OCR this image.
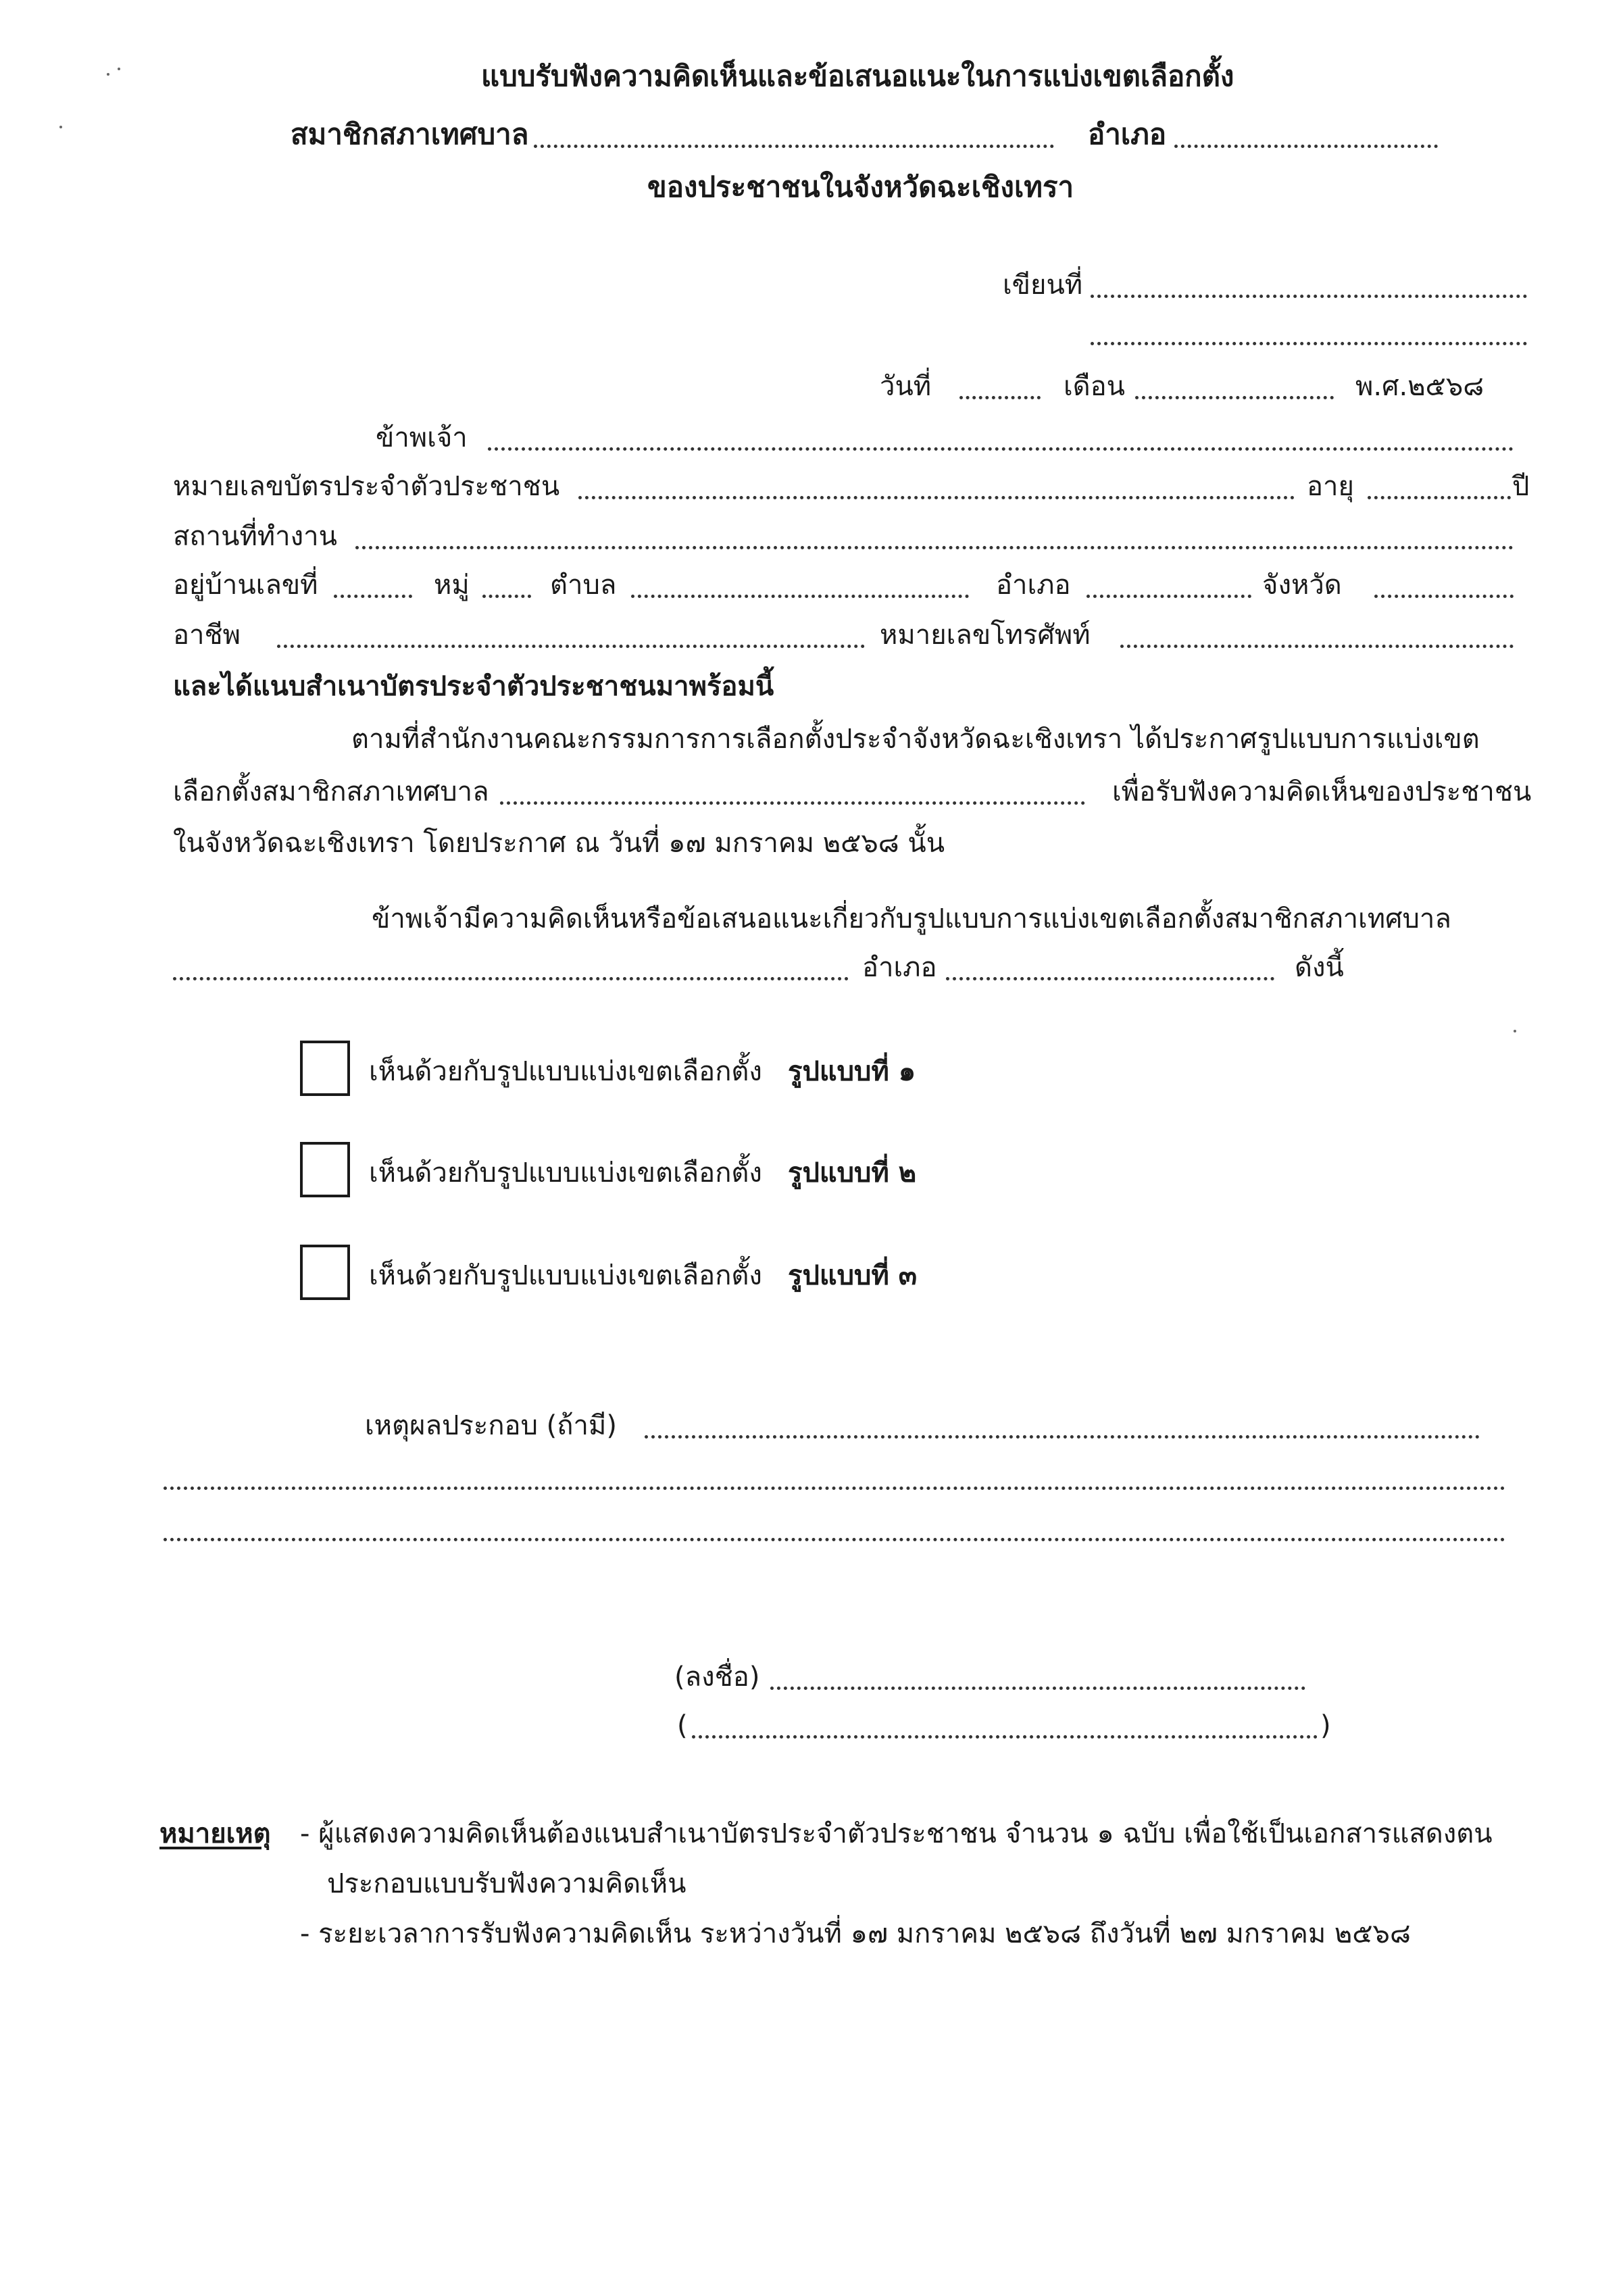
แบบรับฟังความคิดเห็นและข้อเสนอแนะในการแบ่งเขตเลือกตั้ง
สมาชิกสภาเทศบาล	อำเภอ
ของประชาชนในจังหวัดฉะเชิงเทรา
เขียนที่
วันที่	เดือน	พ.ศ.๒๕๖๘
ข้าพเจ้า
หมายเลขบัตรประจำตัวประชาชน	อายุ	ปี
สถานที่ทำงาน
อยู่บ้านเลขที่	หมู่	ตำบล	อำเภอ	จังหวัด
อาชีพ	หมายเลขโทรศัพท์
และได้แนบสำเนาบัตรประจำตัวประชาชนมาพร้อมนี้
ตามที่สำนักงานคณะกรรมการการเลือกตั้งประจำจังหวัดฉะเชิงเทรา ได้ประกาศรูปแบบการแบ่งเขต
เลือกตั้งสมาชิกสภาเทศบาล	เพื่อรับฟังความคิดเห็นของประชาชน
ในจังหวัดฉะเชิงเทรา โดยประกาศ ณ วันที่ ๑๗ มกราคม ๒๕๖๘ นั้น
ข้าพเจ้ามีความคิดเห็นหรือข้อเสนอแนะเกี่ยวกับรูปแบบการแบ่งเขตเลือกตั้งสมาชิกสภาเทศบาล
อำเภอ	ดังนี้
เห็นด้วยกับรูปแบบแบ่งเขตเลือกตั้ง รูปแบบที่ ๑
เห็นด้วยกับรูปแบบแบ่งเขตเลือกตั้ง รูปแบบที่ ๒
เห็นด้วยกับรูปแบบแบ่งเขตเลือกตั้ง รูปแบบที่ ๓
เหตุผลประกอบ (ถ้ามี)
(ลงชื่อ)
(	)
หมายเหตุ - ผู้แสดงความคิดเห็นต้องแนบสำเนาบัตรประจำตัวประชาชน จำนวน ๑ ฉบับ เพื่อใช้เป็นเอกสารแสดงตน
ประกอบแบบรับฟังความคิดเห็น
- ระยะเวลาการรับฟังความคิดเห็น ระหว่างวันที่ ๑๗ มกราคม ๒๕๖๘ ถึงวันที่ ๒๗ มกราคม ๒๕๖๘
